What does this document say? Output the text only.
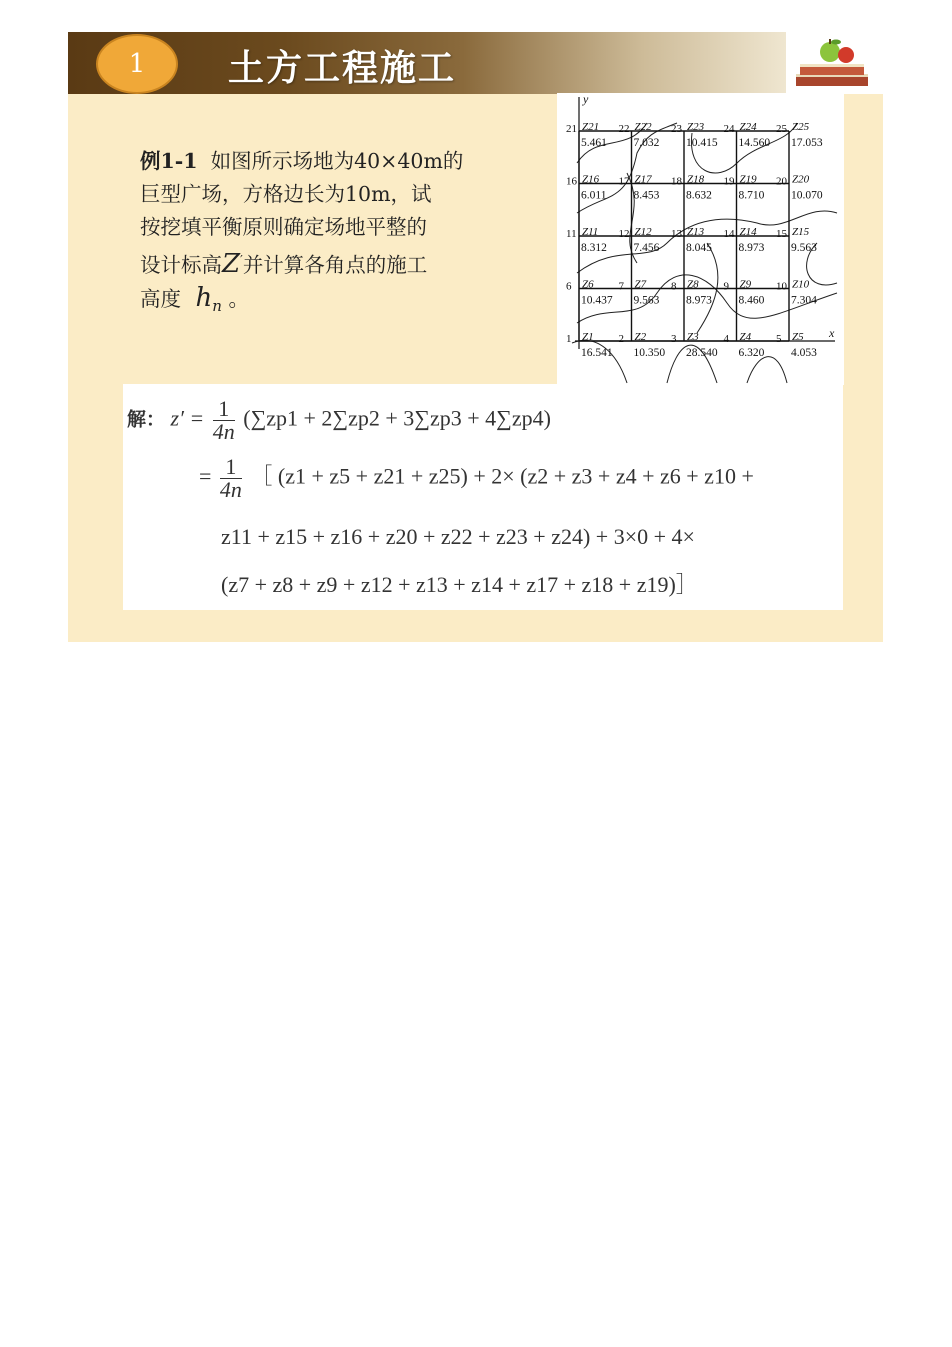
1 土方工程施工
例1-1 如图所示场地为40×40m的
巨型广场，方格边长为10m，试
按挖填平衡原则确定场地平整的
设计标高Z′并计算各角点的施工
高度 $h_n$ 。
y
x
21 Z21
5.461
22 Z22
7.032
23 Z23
10.415
24 Z24
14.560
25 Z25
17.053
16 Z16
6.011
17 Z17
8.453
18 Z18
8.632
19 Z19
8.710
20 Z20
10.070
11 Z11
8.312
12 Z12
7.456
13 Z13
8.045
14 Z14
8.973
15 Z15
9.563
6 Z6
10.437
7 Z7
9.563
8 Z8
8.973
9 Z9
8.460
10 Z10
7.304
1 Z1
16.541
2 Z2
10.350
3 Z3
28.540
4 Z4
6.320
5 Z5
4.053
解： $z' = \frac{1}{4n} (\sum zp1 + 2\sum zp2 + 3\sum zp3 + 4\sum zp4)$
= $\frac{1}{4n}$ ［ (z1 + z5 + z21 + z25) + 2× (z2 + z3 + z4 + z6 + z10 +
z11 + z15 + z16 + z20 + z22 + z23 + z24) + 3×0 + 4×
(z7 + z8 + z9 + z12 + z13 + z14 + z17 + z18 + z19)］
